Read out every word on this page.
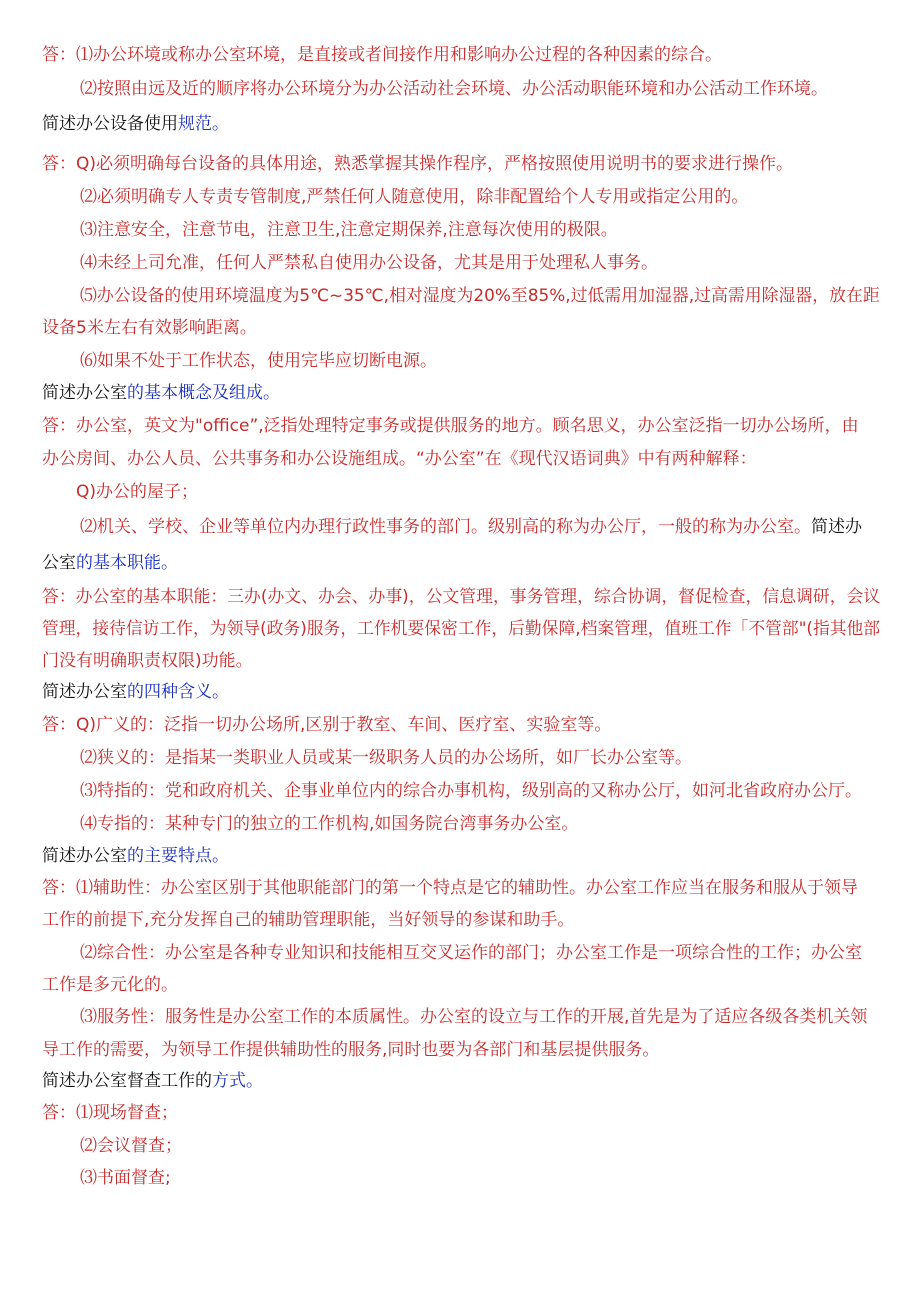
答：⑴办公环境或称办公室环境，是直接或者间接作用和影响办公过程的各种因素的综合。
⑵按照由远及近的顺序将办公环境分为办公活动社会环境、办公活动职能环境和办公活动工作环境。
简述办公设备使用规范。
答：Q)必须明确每台设备的具体用途，熟悉掌握其操作程序，严格按照使用说明书的要求进行操作。
⑵必须明确专人专责专管制度,严禁任何人随意使用，除非配置给个人专用或指定公用的。
⑶注意安全，注意节电，注意卫生,注意定期保养,注意每次使用的极限。
⑷未经上司允准，任何人严禁私自使用办公设备，尤其是用于处理私人事务。
⑸办公设备的使用环境温度为5℃~35℃,相对湿度为20%至85%,过低需用加湿器,过高需用除湿器，放在距
设备5米左右有效影响距离。
⑹如果不处于工作状态，使用完毕应切断电源。
简述办公室的基本概念及组成。
答：办公室，英文为"office”,泛指处理特定事务或提供服务的地方。顾名思义，办公室泛指一切办公场所，由
办公房间、办公人员、公共事务和办公设施组成。“办公室”在《现代汉语词典》中有两种解释：
Q)办公的屋子；
⑵机关、学校、企业等单位内办理行政性事务的部门。级别高的称为办公厅，一般的称为办公室。简述办
公室的基本职能。
答：办公室的基本职能：三办(办文、办会、办事)，公文管理，事务管理，综合协调，督促检查，信息调研，会议
管理，接待信访工作，为领导(政务)服务，工作机要保密工作，后勤保障,档案管理，值班工作「不管部"(指其他部
门没有明确职责权限)功能。
简述办公室的四种含义。
答：Q)广义的：泛指一切办公场所,区别于教室、车间、医疗室、实验室等。
⑵狭义的：是指某一类职业人员或某一级职务人员的办公场所，如厂长办公室等。
⑶特指的：党和政府机关、企事业单位内的综合办事机构，级别高的又称办公厅，如河北省政府办公厅。
⑷专指的：某种专门的独立的工作机构,如国务院台湾事务办公室。
简述办公室的主要特点。
答：⑴辅助性：办公室区别于其他职能部门的第一个特点是它的辅助性。办公室工作应当在服务和服从于领导
工作的前提下,充分发挥自己的辅助管理职能，当好领导的参谋和助手。
⑵综合性：办公室是各种专业知识和技能相互交叉运作的部门；办公室工作是一项综合性的工作；办公室
工作是多元化的。
⑶服务性：服务性是办公室工作的本质属性。办公室的设立与工作的开展,首先是为了适应各级各类机关领
导工作的需要，为领导工作提供辅助性的服务,同时也要为各部门和基层提供服务。
简述办公室督查工作的方式。
答：⑴现场督查；
⑵会议督查；
⑶书面督查;
